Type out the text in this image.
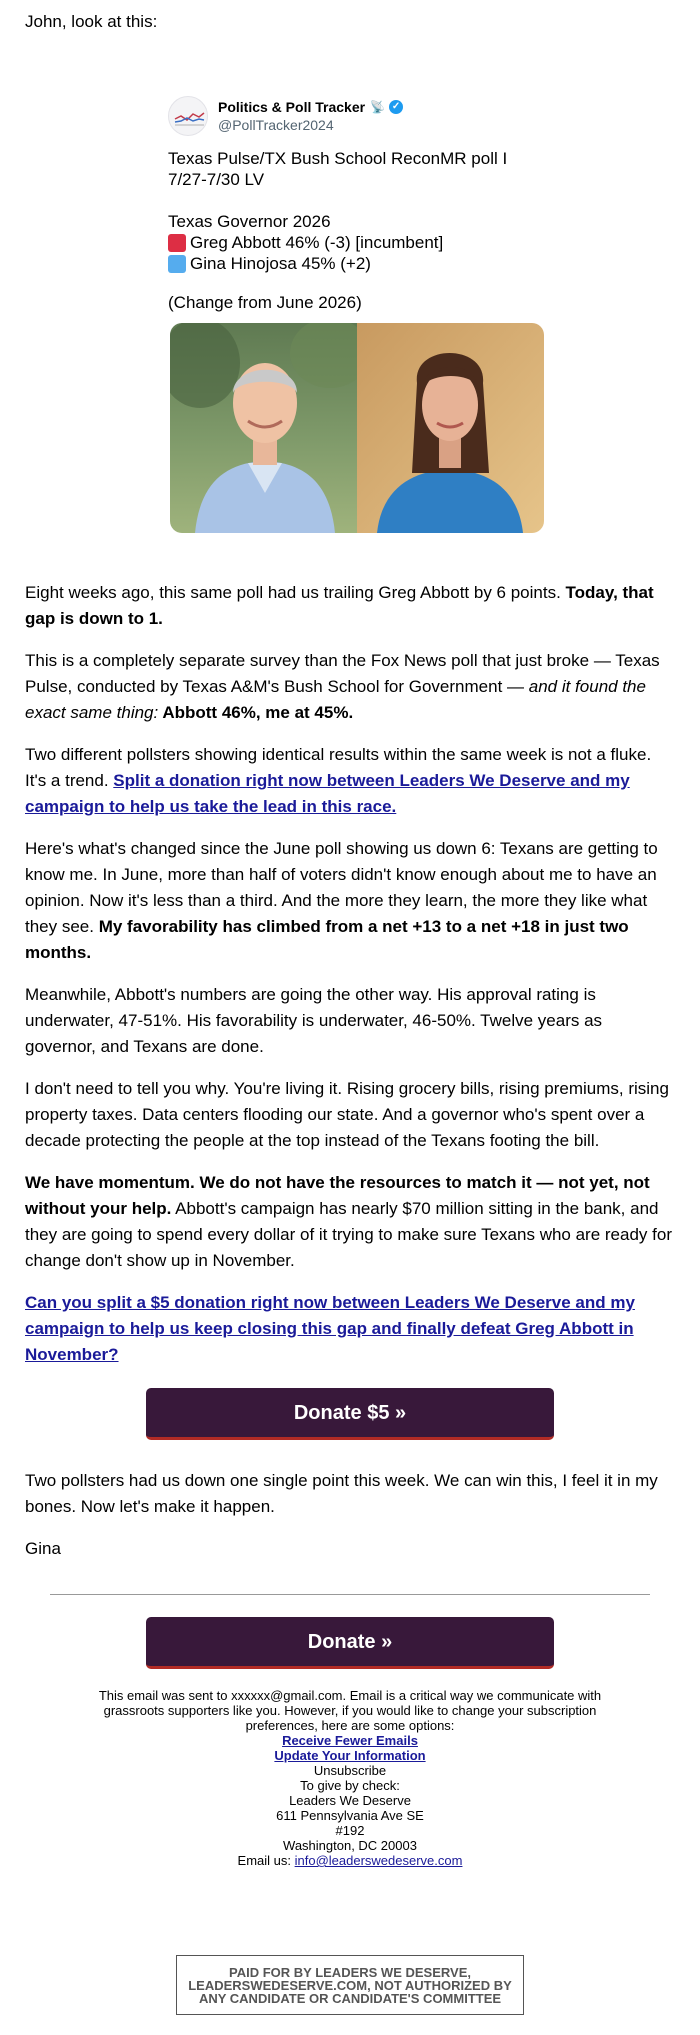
John, look at this:
Politics & Poll Tracker 📡 ✓
@PollTracker2024

Texas Pulse/TX Bush School ReconMR poll I

7/27-7/30 LV

Texas Governor 2026

Greg Abbott 46% (-3) [incumbent]
Gina Hinojosa 45% (+2)

(Change from June 2026)

Eight weeks ago, this same poll had us trailing Greg Abbott by 6 points. Today, that gap is down to 1.

This is a completely separate survey than the Fox News poll that just broke — Texas Pulse, conducted by Texas A&M's Bush School for Government — and it found the exact same thing: Abbott 46%, me at 45%.

Two different pollsters showing identical results within the same week is not a fluke. It's a trend. Split a donation right now between Leaders We Deserve and my campaign to help us take the lead in this race.

Here's what's changed since the June poll showing us down 6: Texans are getting to know me. In June, more than half of voters didn't know enough about me to have an opinion. Now it's less than a third. And the more they learn, the more they like what they see. My favorability has climbed from a net +13 to a net +18 in just two months.

Meanwhile, Abbott's numbers are going the other way. His approval rating is underwater, 47-51%. His favorability is underwater, 46-50%. Twelve years as governor, and Texans are done.

I don't need to tell you why. You're living it. Rising grocery bills, rising premiums, rising property taxes. Data centers flooding our state. And a governor who's spent over a decade protecting the people at the top instead of the Texans footing the bill.

We have momentum. We do not have the resources to match it — not yet, not without your help. Abbott's campaign has nearly $70 million sitting in the bank, and they are going to spend every dollar of it trying to make sure Texans who are ready for change don't show up in November.

Can you split a $5 donation right now between Leaders We Deserve and my campaign to help us keep closing this gap and finally defeat Greg Abbott in November?

Donate $5 »

Two pollsters had us down one single point this week. We can win this, I feel it in my bones. Now let's make it happen.

Gina

Donate »

This email was sent to xxxxxx@gmail.com. Email is a critical way we communicate with grassroots supporters like you. However, if you would like to change your subscription preferences, here are some options:

Receive Fewer Emails

Update Your Information

Unsubscribe

To give by check:

Leaders We Deserve

611 Pennsylvania Ave SE

#192

Washington, DC 20003

Email us: info@leaderswedeserve.com

PAID FOR BY LEADERS WE DESERVE,
LEADERSWEDESERVE.COM, NOT AUTHORIZED BY
ANY CANDIDATE OR CANDIDATE'S COMMITTEE
